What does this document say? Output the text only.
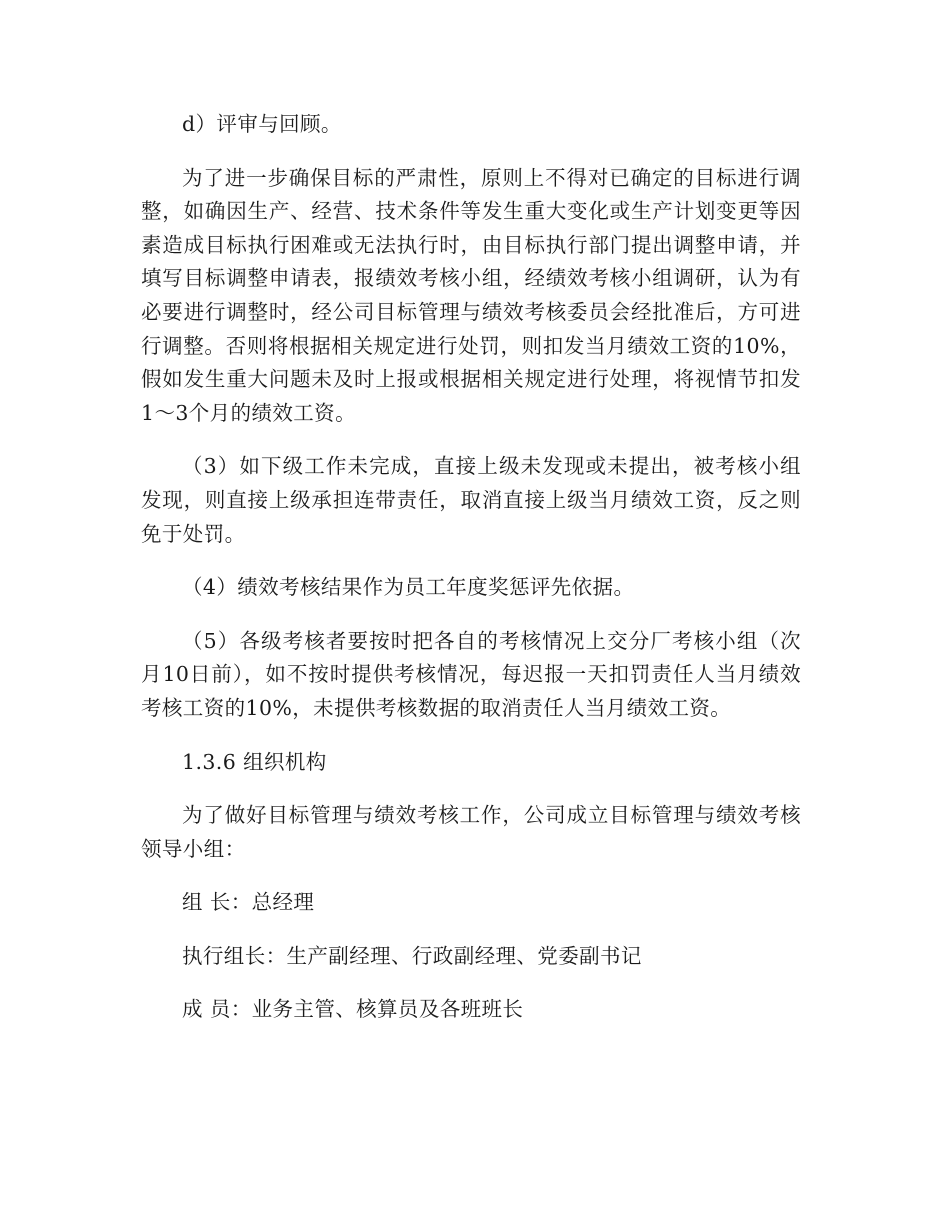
d）评审与回顾。

为了进一步确保目标的严肃性，原则上不得对已确定的目标进行调整，如确因生产、经营、技术条件等发生重大变化或生产计划变更等因素造成目标执行困难或无法执行时，由目标执行部门提出调整申请，并填写目标调整申请表，报绩效考核小组，经绩效考核小组调研，认为有必要进行调整时，经公司目标管理与绩效考核委员会经批准后，方可进行调整。否则将根据相关规定进行处罚，则扣发当月绩效工资的10%，假如发生重大问题未及时上报或根据相关规定进行处理，将视情节扣发1～3个月的绩效工资。

（3）如下级工作未完成，直接上级未发现或未提出，被考核小组发现，则直接上级承担连带责任，取消直接上级当月绩效工资，反之则免于处罚。

（4）绩效考核结果作为员工年度奖惩评先依据。

（5）各级考核者要按时把各自的考核情况上交分厂考核小组（次月10日前），如不按时提供考核情况，每迟报一天扣罚责任人当月绩效考核工资的10%，未提供考核数据的取消责任人当月绩效工资。

1.3.6 组织机构

为了做好目标管理与绩效考核工作，公司成立目标管理与绩效考核领导小组：

组 长：总经理

执行组长：生产副经理、行政副经理、党委副书记

成 员：业务主管、核算员及各班班长
